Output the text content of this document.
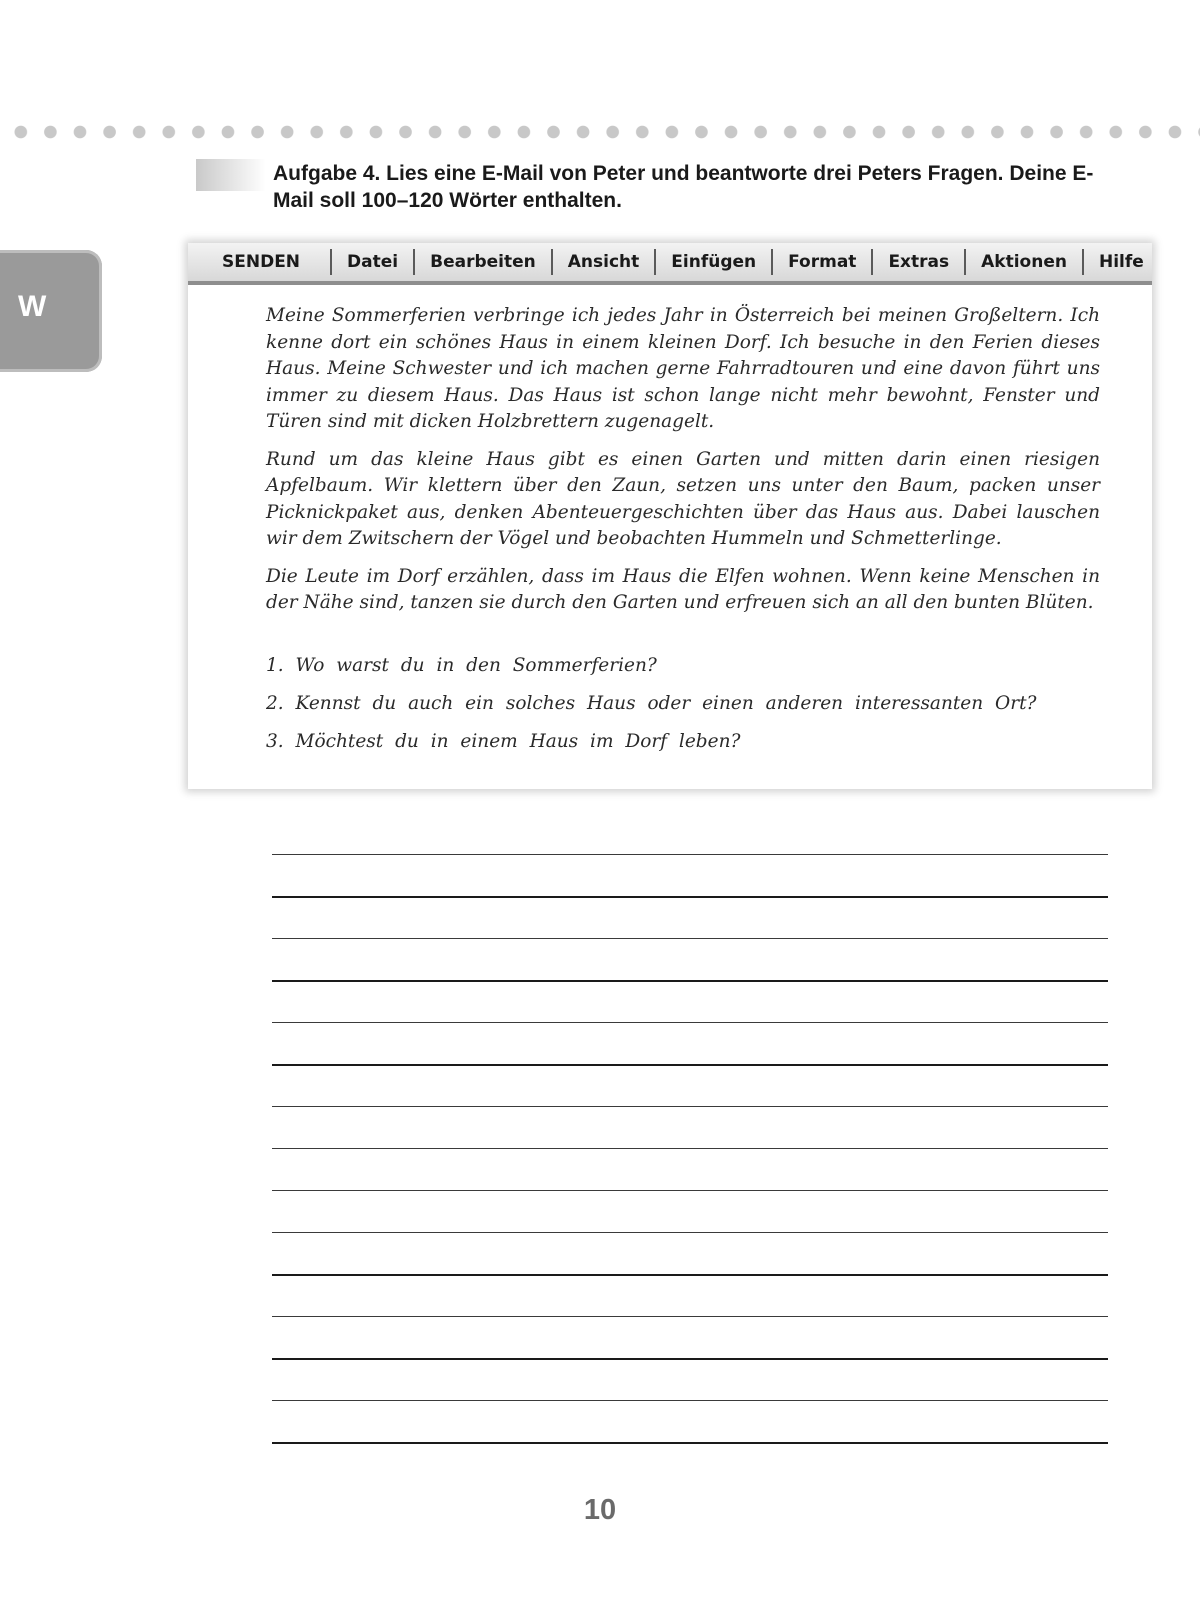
W

Aufgabe 4. Lies eine E-Mail von Peter und beantworte drei Peters Fragen. Deine E-Mail soll 100–120 Wörter enthalten.

SENDEN	Datei	Bearbeiten	Ansicht	Einfügen	Format	Extras	Aktionen	Hilfe

Meine Sommerferien verbringe ich jedes Jahr in Österreich bei meinen Großeltern. Ich kenne dort ein schönes Haus in einem kleinen Dorf. Ich besuche in den Ferien dieses Haus. Meine Schwester und ich machen gerne Fahrradtouren und eine davon führt uns immer zu diesem Haus. Das Haus ist schon lange nicht mehr bewohnt, Fenster und Türen sind mit dicken Holzbrettern zugenagelt.

Rund um das kleine Haus gibt es einen Garten und mitten darin einen riesigen Apfelbaum. Wir klettern über den Zaun, setzen uns unter den Baum, packen unser Picknickpaket aus, denken Abenteuergeschichten über das Haus aus. Dabei lauschen wir dem Zwitschern der Vögel und beobachten Hummeln und Schmetterlinge.

Die Leute im Dorf erzählen, dass im Haus die Elfen wohnen. Wenn keine Menschen in der Nähe sind, tanzen sie durch den Garten und erfreuen sich an all den bunten Blüten.

1. Wo warst du in den Sommerferien?
2. Kennst du auch ein solches Haus oder einen anderen interessanten Ort?
3. Möchtest du in einem Haus im Dorf leben?
10
